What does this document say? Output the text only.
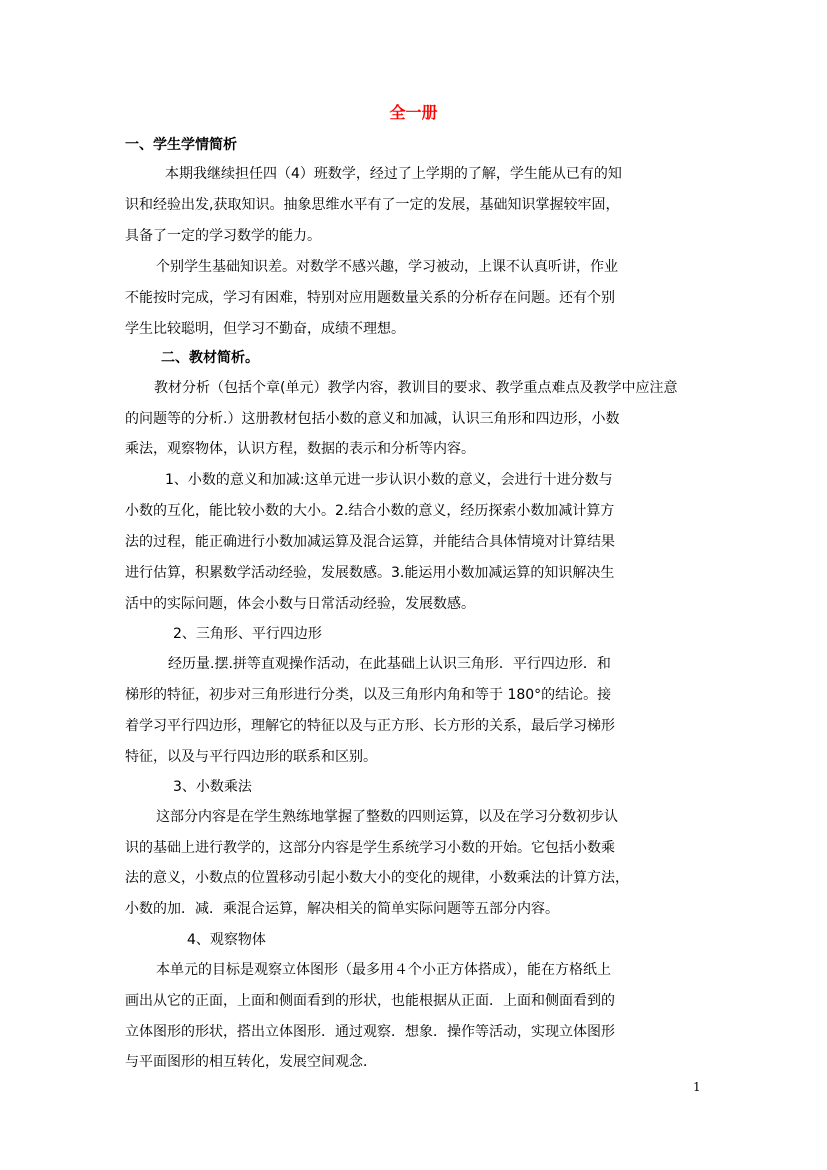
全一册
一、学生学情简析
本期我继续担任四（4）班数学，经过了上学期的了解，学生能从已有的知
识和经验出发,获取知识。抽象思维水平有了一定的发展，基础知识掌握较牢固，
具备了一定的学习数学的能力。
个别学生基础知识差。对数学不感兴趣，学习被动，上课不认真听讲，作业
不能按时完成，学习有困难，特别对应用题数量关系的分析存在问题。还有个别
学生比较聪明，但学习不勤奋，成绩不理想。
二、教材简析。
教材分析（包括个章(单元）教学内容，教训目的要求、教学重点难点及教学中应注意
的问题等的分析.）这册教材包括小数的意义和加减，认识三角形和四边形，小数
乘法，观察物体，认识方程，数据的表示和分析等内容。
1、小数的意义和加减:这单元进一步认识小数的意义，会进行十进分数与
小数的互化，能比较小数的大小。2.结合小数的意义，经历探索小数加减计算方
法的过程，能正确进行小数加减运算及混合运算，并能结合具体情境对计算结果
进行估算，积累数学活动经验，发展数感。3.能运用小数加减运算的知识解决生
活中的实际问题，体会小数与日常活动经验，发展数感。
2、三角形、平行四边形
经历量.摆.拼等直观操作活动，在此基础上认识三角形．平行四边形．和
梯形的特征，初步对三角形进行分类，以及三角形内角和等于 180°的结论。接
着学习平行四边形，理解它的特征以及与正方形、长方形的关系，最后学习梯形
特征，以及与平行四边形的联系和区别。
3、小数乘法
这部分内容是在学生熟练地掌握了整数的四则运算，以及在学习分数初步认
识的基础上进行教学的，这部分内容是学生系统学习小数的开始。它包括小数乘
法的意义，小数点的位置移动引起小数大小的变化的规律，小数乘法的计算方法，
小数的加．减．乘混合运算，解决相关的简单实际问题等五部分内容。
4、观察物体
本单元的目标是观察立体图形（最多用４个小正方体搭成），能在方格纸上
画出从它的正面，上面和侧面看到的形状，也能根据从正面．上面和侧面看到的
立体图形的形状，搭出立体图形．通过观察．想象．操作等活动，实现立体图形
与平面图形的相互转化，发展空间观念．
1
